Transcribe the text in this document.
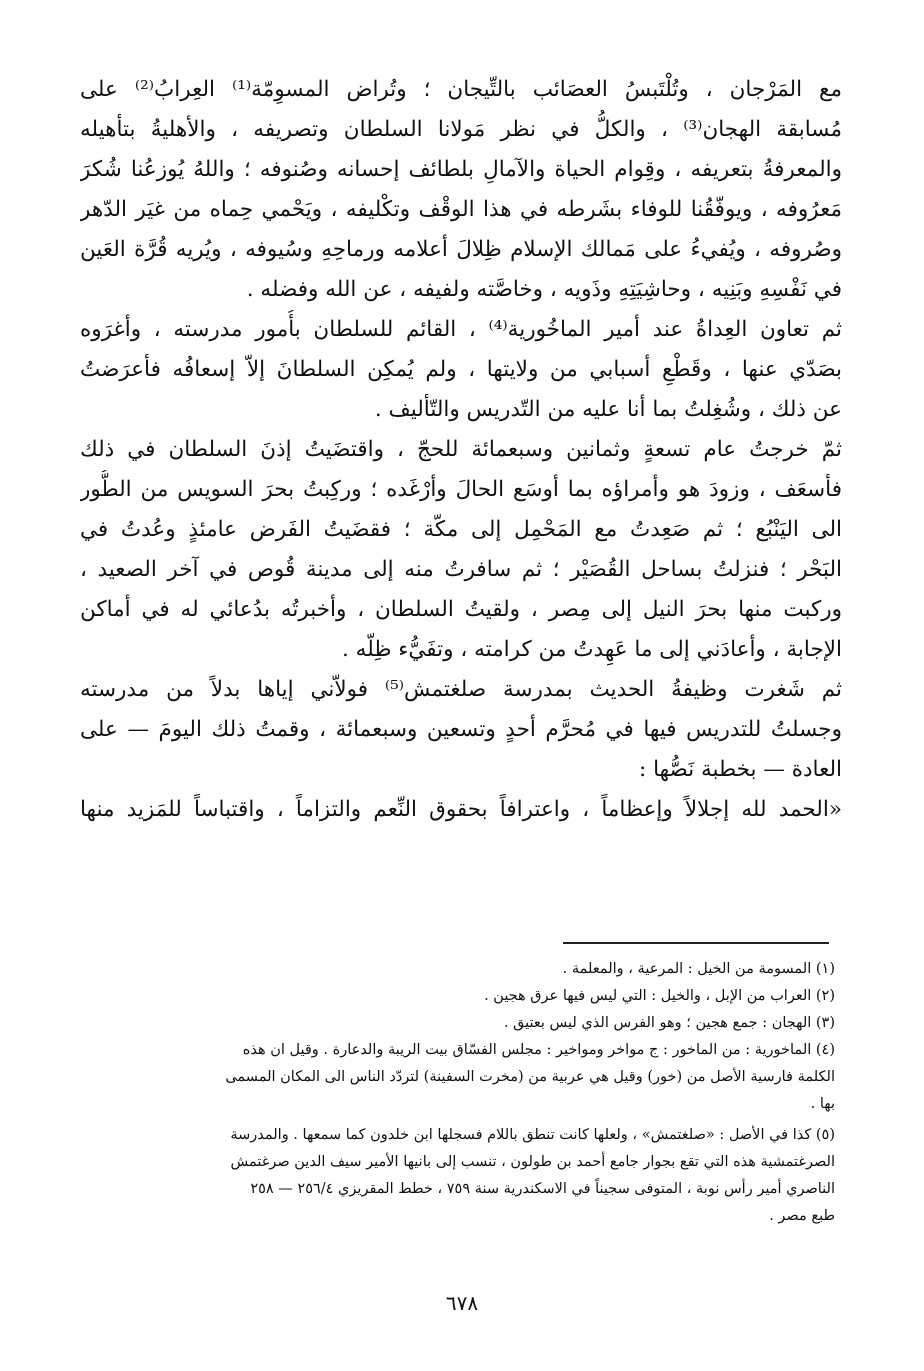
مع المَرْجان ، وتُلْتَبسُ العصَائب بالتِّيجان ؛ وتُراض المسوِمّة⁽¹⁾ العِرابُ⁽²⁾ على
مُسابقة الهجان⁽³⁾ ، والكلُّ في نظر مَولانا السلطان وتصريفه ، والأهليةُ بتأهيله
والمعرفةُ بتعريفه ، وقِوام الحياة والآمالِ بلطائف إحسانه وصُنوفه ؛ واللهُ يُوزعُنا شُكرَ
مَعرُوفه ، ويوفّقُنا للوفاء بشَرطه في هذا الوقْف وتكْليفه ، ويَحْمي حِماه من غيَر الدّهر
وصُروفه ، ويُفيءُ على مَمالك الإسلام ظِلالَ أعلامه ورماحِهِ وسُيوفه ، ويُريه قُرَّة العَين
في نَفْسِهِ وبَنِيه ، وحاشِيَتِهِ وذَويه ، وخاصَّته ولفيفه ، عن الله وفضله .
ثم تعاون العِداةُ عند أمير الماخُورية⁽⁴⁾ ، القائم للسلطان بأُمور مدرسته ، وأغرَوه
بصَدّي عنها ، وقَطْعِ أسبابي من ولايتها ، ولم يُمكِن السلطانَ إلاّ إسعافُه فأعرَضتُ
عن ذلك ، وشُغِلتُ بما أنا عليه من التّدريس والتّأليف .
ثمّ خرجتُ عام تسعةٍ وثمانين وسبعمائة للحجّ ، واقتضَيتُ إذنَ السلطان في ذلك
فأسعَف ، وزودَ هو وأمراؤه بما أوسَع الحالَ وأرْغَده ؛ وركِبتُ بحرَ السويس من الطُّور
الى اليَنْبُع ؛ ثم صَعِدتُ مع المَحْمِل إلى مكّة ؛ فقضَيتُ الفَرض عامئذٍ وعُدتُ في
البَحْر ؛ فنزلتُ بساحل القُصَيْر ؛ ثم سافرتُ منه إلى مدينة قُوص في آخر الصعيد ،
وركبت منها بحرَ النيل إلى مِصر ، ولقيتُ السلطان ، وأخبرتُه بدُعائي له في أماكن
الإجابة ، وأعادَني إلى ما عَهِدتُ من كرامته ، وتفَيُّء ظِلّه .
ثم شَغرت وظيفةُ الحديث بمدرسة صلغتمش⁽⁵⁾ فولاّني إياها بدلاً من مدرسته
وجسلتُ للتدريس فيها في مُحرَّم أحدٍ وتسعين وسبعمائة ، وقمتُ ذلك اليومَ — على
العادة — بخطبة نَصُّها :
«الحمد لله إجلالاً وإعظاماً ، واعترافاً بحقوق النِّعم والتزاماً ، واقتباساً للمَزيد منها
(١) المسومة من الخيل : المرعية ، والمعلمة .
(٢) العراب من الإبل ، والخيل : التي ليس فيها عرق هجين .
(٣) الهجان : جمع هجين ؛ وهو الفرس الذي ليس بعتيق .
(٤) الماخورية : من الماخور : ج مواخر ومواخير : مجلس الفسّاق بيت الريبة والدعارة . وقيل ان هذه
الكلمة فارسية الأصل من (خور) وقيل هي عربية من (مخرت السفينة) لتردّد الناس الى المكان المسمى
بها .
(٥) كذا في الأصل : «صلغتمش» ، ولعلها كانت تنطق باللام فسجلها ابن خلدون كما سمعها . والمدرسة
الصرغتمشية هذه التي تقع بجوار جامع أحمد بن طولون ، تنسب إلى بانيها الأمير سيف الدين صرغتمش
الناصري أمير رأس نوبة ، المتوفى سجيناً في الاسكندرية سنة ٧٥٩ ، خطط المقريزي ٢٥٦/٤ — ٢٥٨
طبع مصر .
٦٧٨
